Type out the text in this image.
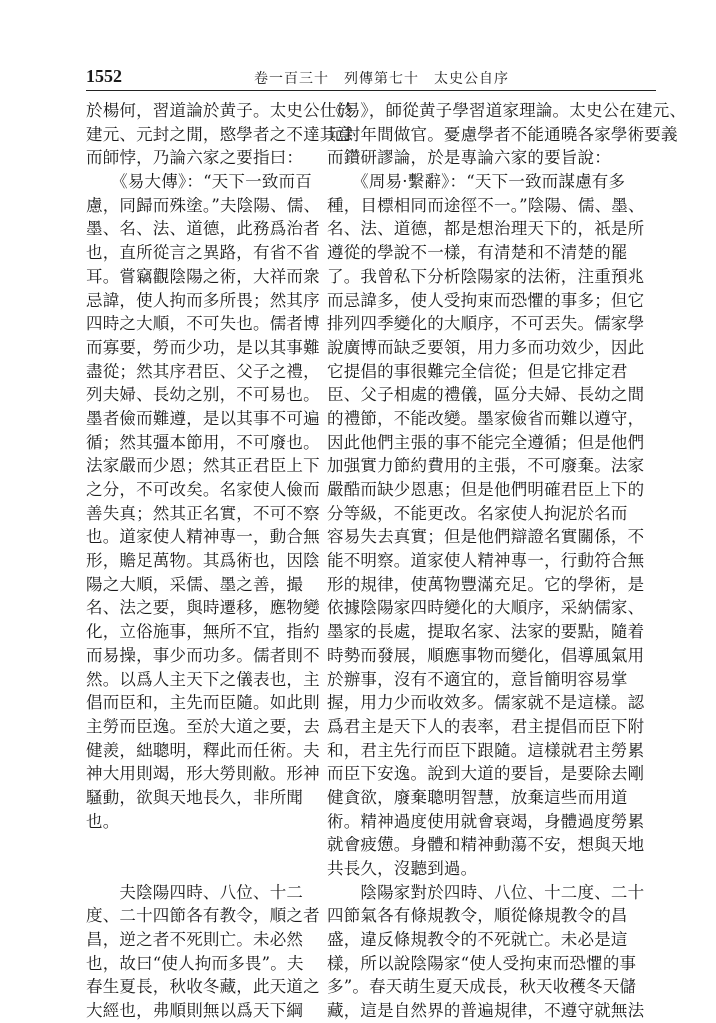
1552	卷一百三十　列傳第七十　太史公自序

於楊何，習道論於黄子。太史公仕於

建元、元封之閒，愍學者之不達其意

而師悖，乃論六家之要指曰：

　　《易大傳》：“天下一致而百

慮，同歸而殊塗。”夫陰陽、儒、

墨、名、法、道德，此務爲治者

也，直所從言之異路，有省不省

耳。嘗竊觀陰陽之術，大祥而衆

忌諱，使人拘而多所畏；然其序

四時之大順，不可失也。儒者博

而寡要，勞而少功，是以其事難

盡從；然其序君臣、父子之禮，

列夫婦、長幼之别，不可易也。

墨者儉而難遵，是以其事不可遍

循；然其彊本節用，不可廢也。

法家嚴而少恩；然其正君臣上下

之分，不可改矣。名家使人儉而

善失真；然其正名實，不可不察

也。道家使人精神專一，動合無

形，贍足萬物。其爲術也，因陰

陽之大順，采儒、墨之善，撮

名、法之要，與時遷移，應物變

化，立俗施事，無所不宜，指約

而易操，事少而功多。儒者則不

然。以爲人主天下之儀表也，主

倡而臣和，主先而臣隨。如此則

主勞而臣逸。至於大道之要，去

健羨，絀聰明，釋此而任術。夫

神大用則竭，形大勞則敝。形神

騷動，欲與天地長久，非所聞

也。

　　夫陰陽四時、八位、十二

度、二十四節各有教令，順之者

昌，逆之者不死則亡。未必然

也，故曰“使人拘而多畏”。夫

春生夏長，秋收冬藏，此天道之

大經也，弗順則無以爲天下綱

《易》，師從黄子學習道家理論。太史公在建元、

元封年間做官。憂慮學者不能通曉各家學術要義

而鑽研謬論，於是專論六家的要旨說：

　　《周易·繫辭》：“天下一致而謀慮有多

種，目標相同而途徑不一。”陰陽、儒、墨、

名、法、道德，都是想治理天下的，祇是所

遵從的學說不一樣，有清楚和不清楚的罷

了。我曾私下分析陰陽家的法術，注重預兆

而忌諱多，使人受拘束而恐懼的事多；但它

排列四季變化的大順序，不可丟失。儒家學

說廣博而缺乏要領，用力多而功效少，因此

它提倡的事很難完全信從；但是它排定君

臣、父子相處的禮儀，區分夫婦、長幼之間

的禮節，不能改變。墨家儉省而難以遵守，

因此他們主張的事不能完全遵循；但是他們

加强實力節約費用的主張，不可廢棄。法家

嚴酷而缺少恩惠；但是他們明確君臣上下的

分等級，不能更改。名家使人拘泥於名而

容易失去真實；但是他們辯證名實關係，不

能不明察。道家使人精神專一，行動符合無

形的規律，使萬物豐滿充足。它的學術，是

依據陰陽家四時變化的大順序，采納儒家、

墨家的長處，提取名家、法家的要點，隨着

時勢而發展，順應事物而變化，倡導風氣用

於辦事，沒有不適宜的，意旨簡明容易掌

握，用力少而收效多。儒家就不是這樣。認

爲君主是天下人的表率，君主提倡而臣下附

和，君主先行而臣下跟隨。這樣就君主勞累

而臣下安逸。說到大道的要旨，是要除去剛

健貪欲，廢棄聰明智慧，放棄這些而用道

術。精神過度使用就會衰竭，身體過度勞累

就會疲憊。身體和精神動蕩不安，想與天地

共長久，沒聽到過。

　　陰陽家對於四時、八位、十二度、二十

四節氣各有條規教令，順從條規教令的昌

盛，違反條規教令的不死就亡。未必是這

樣，所以說陰陽家“使人受拘束而恐懼的事

多”。春天萌生夏天成長，秋天收穫冬天儲

藏，這是自然界的普遍規律，不遵守就無法
